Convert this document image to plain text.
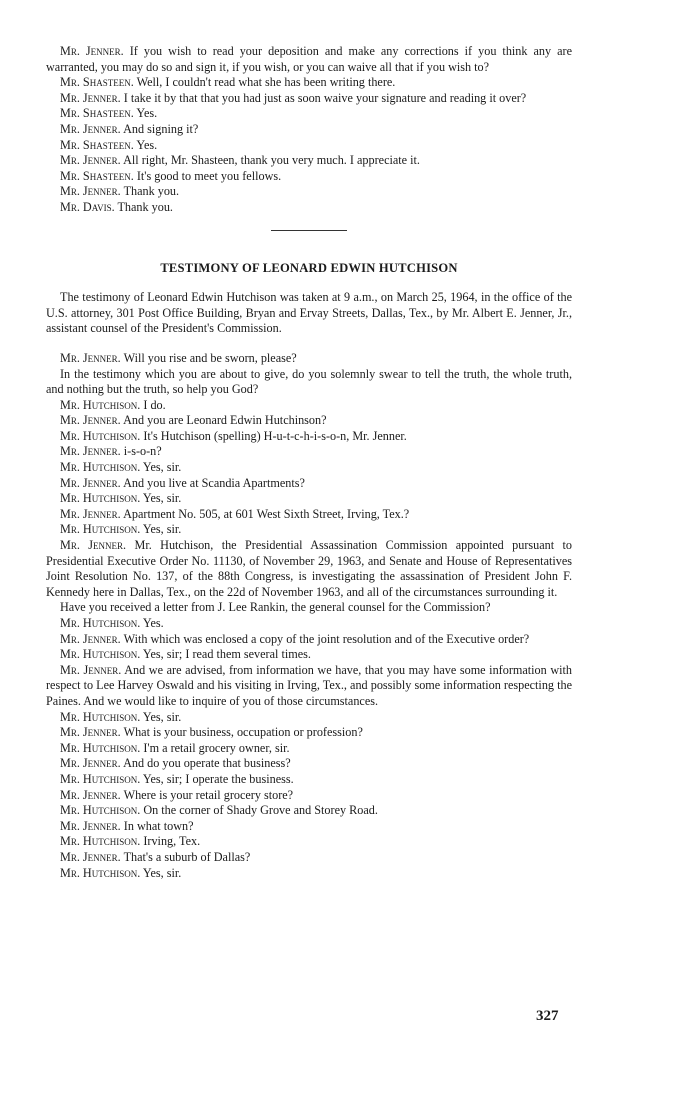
Mr. Jenner. If you wish to read your deposition and make any corrections if you think any are warranted, you may do so and sign it, if you wish, or you can waive all that if you wish to?

Mr. Shasteen. Well, I couldn't read what she has been writing there.

Mr. Jenner. I take it by that that you had just as soon waive your signature and reading it over?

Mr. Shasteen. Yes.

Mr. Jenner. And signing it?

Mr. Shasteen. Yes.

Mr. Jenner. All right, Mr. Shasteen, thank you very much. I appreciate it.

Mr. Shasteen. It's good to meet you fellows.

Mr. Jenner. Thank you.

Mr. Davis. Thank you.

TESTIMONY OF LEONARD EDWIN HUTCHISON

The testimony of Leonard Edwin Hutchison was taken at 9 a.m., on March 25, 1964, in the office of the U.S. attorney, 301 Post Office Building, Bryan and Ervay Streets, Dallas, Tex., by Mr. Albert E. Jenner, Jr., assistant counsel of the President's Commission.

Mr. Jenner. Will you rise and be sworn, please?

In the testimony which you are about to give, do you solemnly swear to tell the truth, the whole truth, and nothing but the truth, so help you God?

Mr. Hutchison. I do.

Mr. Jenner. And you are Leonard Edwin Hutchinson?

Mr. Hutchison. It's Hutchison (spelling) H-u-t-c-h-i-s-o-n, Mr. Jenner.

Mr. Jenner. i-s-o-n?

Mr. Hutchison. Yes, sir.

Mr. Jenner. And you live at Scandia Apartments?

Mr. Hutchison. Yes, sir.

Mr. Jenner. Apartment No. 505, at 601 West Sixth Street, Irving, Tex.?

Mr. Hutchison. Yes, sir.

Mr. Jenner. Mr. Hutchison, the Presidential Assassination Commission appointed pursuant to Presidential Executive Order No. 11130, of November 29, 1963, and Senate and House of Representatives Joint Resolution No. 137, of the 88th Congress, is investigating the assassination of President John F. Kennedy here in Dallas, Tex., on the 22d of November 1963, and all of the circumstances surrounding it.

Have you received a letter from J. Lee Rankin, the general counsel for the Commission?

Mr. Hutchison. Yes.

Mr. Jenner. With which was enclosed a copy of the joint resolution and of the Executive order?

Mr. Hutchison. Yes, sir; I read them several times.

Mr. Jenner. And we are advised, from information we have, that you may have some information with respect to Lee Harvey Oswald and his visiting in Irving, Tex., and possibly some information respecting the Paines. And we would like to inquire of you of those circumstances.

Mr. Hutchison. Yes, sir.

Mr. Jenner. What is your business, occupation or profession?

Mr. Hutchison. I'm a retail grocery owner, sir.

Mr. Jenner. And do you operate that business?

Mr. Hutchison. Yes, sir; I operate the business.

Mr. Jenner. Where is your retail grocery store?

Mr. Hutchison. On the corner of Shady Grove and Storey Road.

Mr. Jenner. In what town?

Mr. Hutchison. Irving, Tex.

Mr. Jenner. That's a suburb of Dallas?

Mr. Hutchison. Yes, sir.

327
